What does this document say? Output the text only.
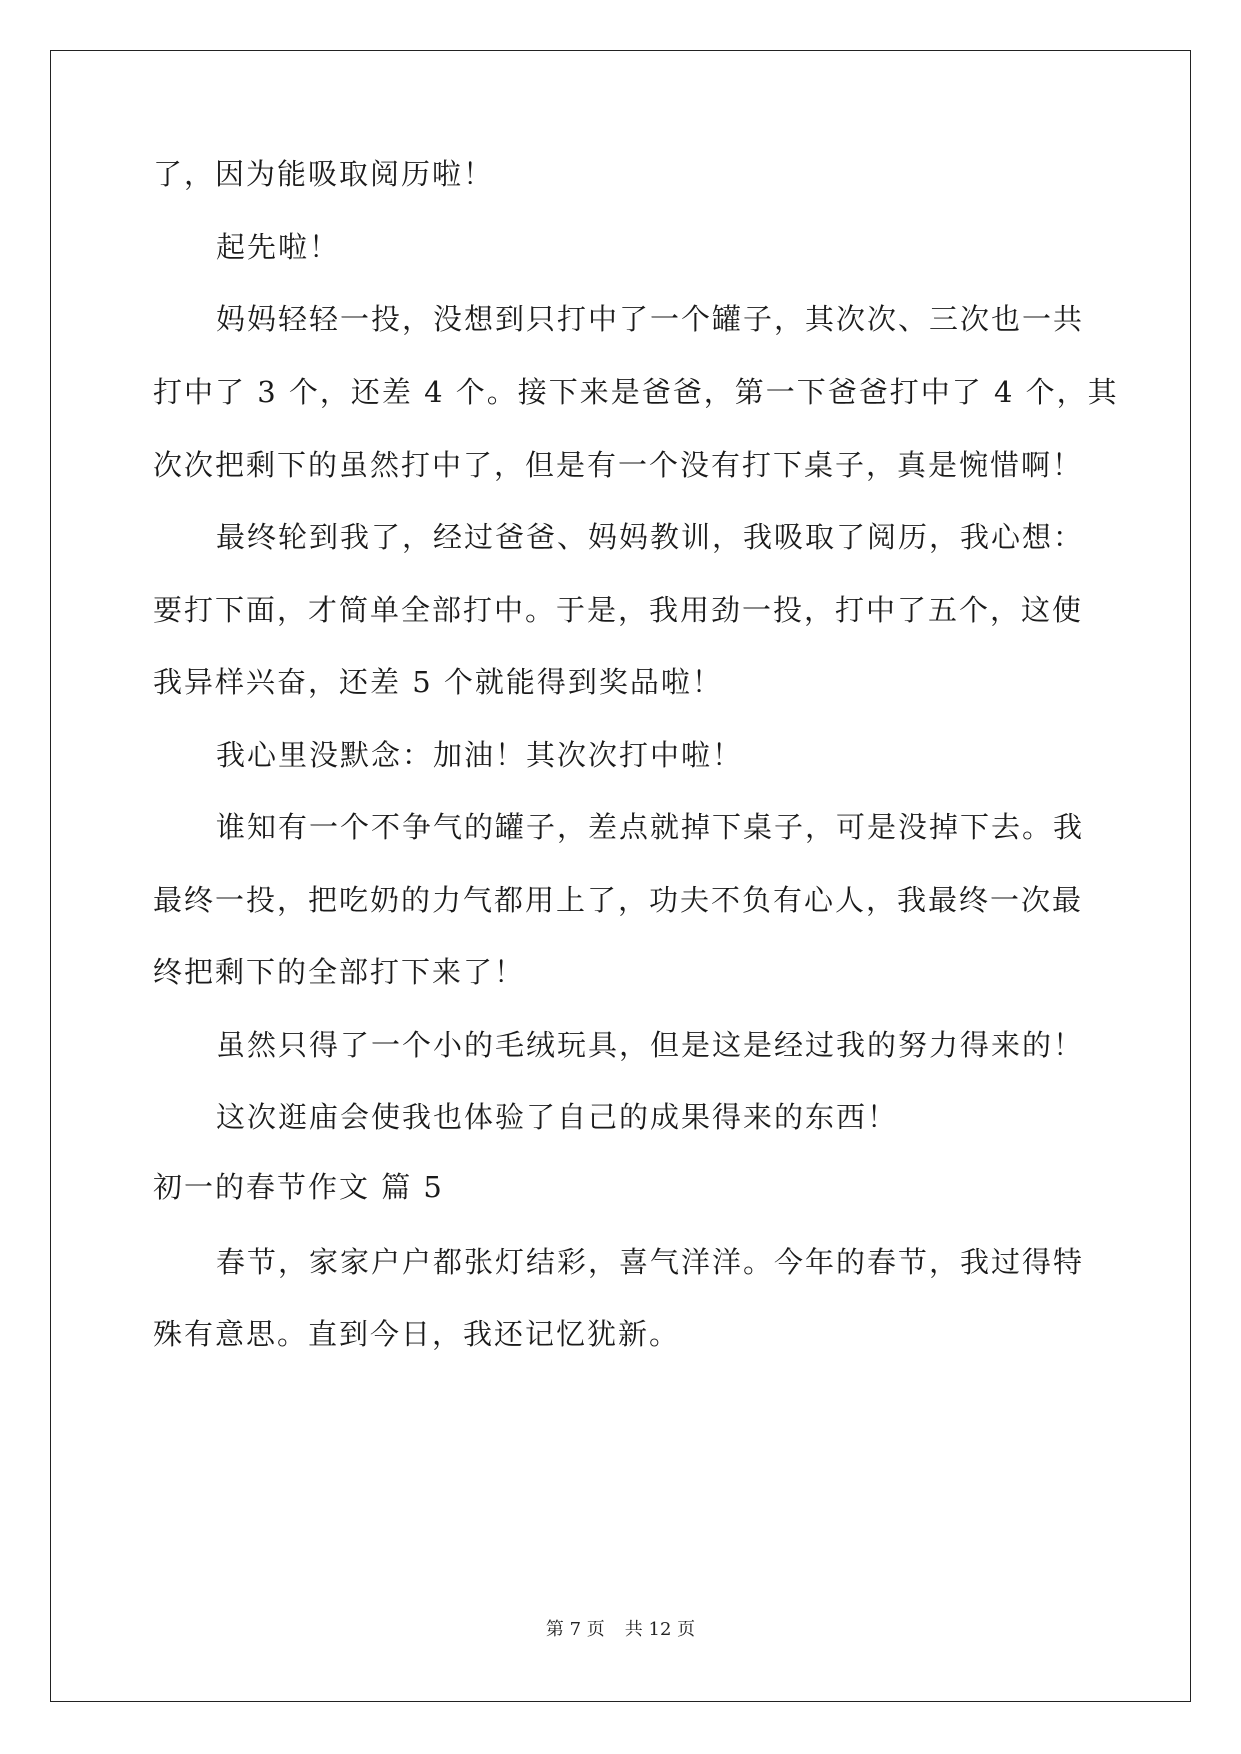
了，因为能吸取阅历啦！
起先啦！
妈妈轻轻一投，没想到只打中了一个罐子，其次次、三次也一共
打中了 3 个，还差 4 个。接下来是爸爸，第一下爸爸打中了 4 个，其
次次把剩下的虽然打中了，但是有一个没有打下桌子，真是惋惜啊！
最终轮到我了，经过爸爸、妈妈教训，我吸取了阅历，我心想：
要打下面，才简单全部打中。于是，我用劲一投，打中了五个，这使
我异样兴奋，还差 5 个就能得到奖品啦！
我心里没默念：加油！其次次打中啦！
谁知有一个不争气的罐子，差点就掉下桌子，可是没掉下去。我
最终一投，把吃奶的力气都用上了，功夫不负有心人，我最终一次最
终把剩下的全部打下来了！
虽然只得了一个小的毛绒玩具，但是这是经过我的努力得来的！
这次逛庙会使我也体验了自己的成果得来的东西！
初一的春节作文 篇 5
春节，家家户户都张灯结彩，喜气洋洋。今年的春节，我过得特
殊有意思。直到今日，我还记忆犹新。
第 7 页 共 12 页
